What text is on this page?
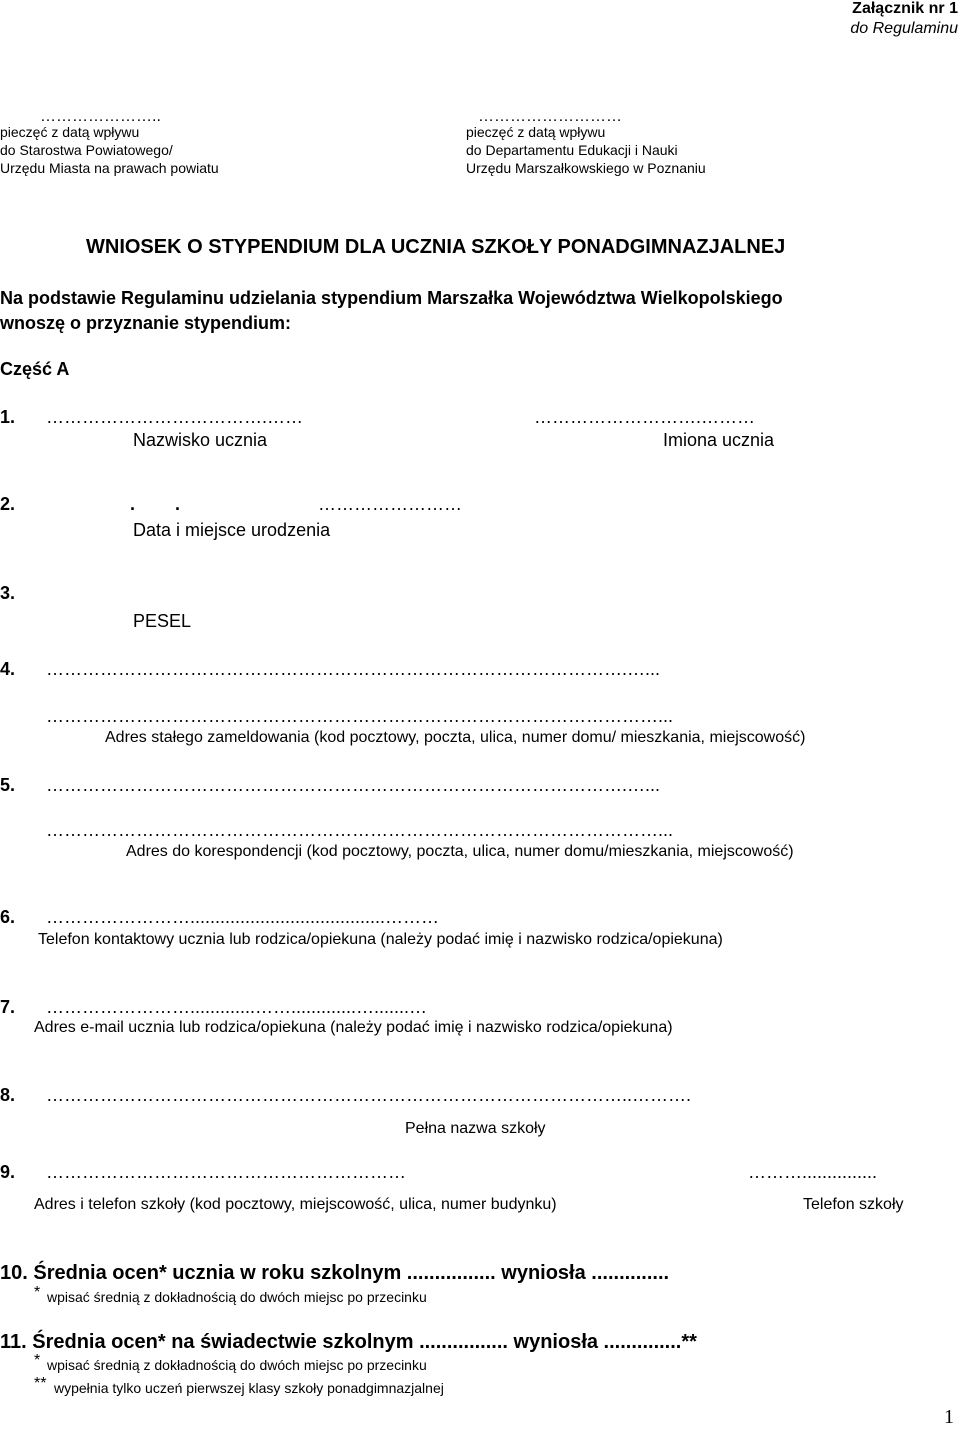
Załącznik nr 1
do Regulaminu
…………………..
pieczęć z datą wpływu
do Starostwa Powiatowego/
Urzędu Miasta na prawach powiatu
………………………
pieczęć z datą wpływu
do Departamentu Edukacji i Nauki
Urzędu Marszałkowskiego w Poznaniu
WNIOSEK O STYPENDIUM DLA UCZNIA SZKOŁY PONADGIMNAZJALNEJ
Na podstawie Regulaminu udzielania stypendium Marszałka Województwa Wielkopolskiego
wnoszę o przyznanie stypendium:
Część A
1. ……………………………….……	……………………….………
Nazwisko ucznia	Imiona ucznia
2.	. .	……………………
Data i miejsce urodzenia
3.
PESEL
4. …………………………………………………………………………………….…...
…………………………………………………………………………………………...
Adres stałego zameldowania (kod pocztowy, poczta, ulica, numer domu/ mieszkania, miejscowość)
5. …………………………………………………………………………………….…...
…………………………………………………………………………………………...
Adres do korespondencji (kod pocztowy, poczta, ulica, numer domu/mieszkania, miejscowość)
6. …………………….......................................………
Telefon kontaktowy ucznia lub rodzica/opiekuna (należy podać imię i nazwisko rodzica/opiekuna)
7. …………………….............…….............….......…
Adres e-mail ucznia lub rodzica/opiekuna (należy podać imię i nazwisko rodzica/opiekuna)
8. ……………………………………………………………………………………..……….
Pełna nazwa szkoły
9. ……………………………………………………	………...............
Adres i telefon szkoły (kod pocztowy, miejscowość, ulica, numer budynku)	Telefon szkoły
10. Średnia ocen* ucznia w roku szkolnym ................ wyniosła ..............
* wpisać średnią z dokładnością do dwóch miejsc po przecinku
11. Średnia ocen* na świadectwie szkolnym ................ wyniosła ..............**
* wpisać średnią z dokładnością do dwóch miejsc po przecinku
** wypełnia tylko uczeń pierwszej klasy szkoły ponadgimnazjalnej
1
